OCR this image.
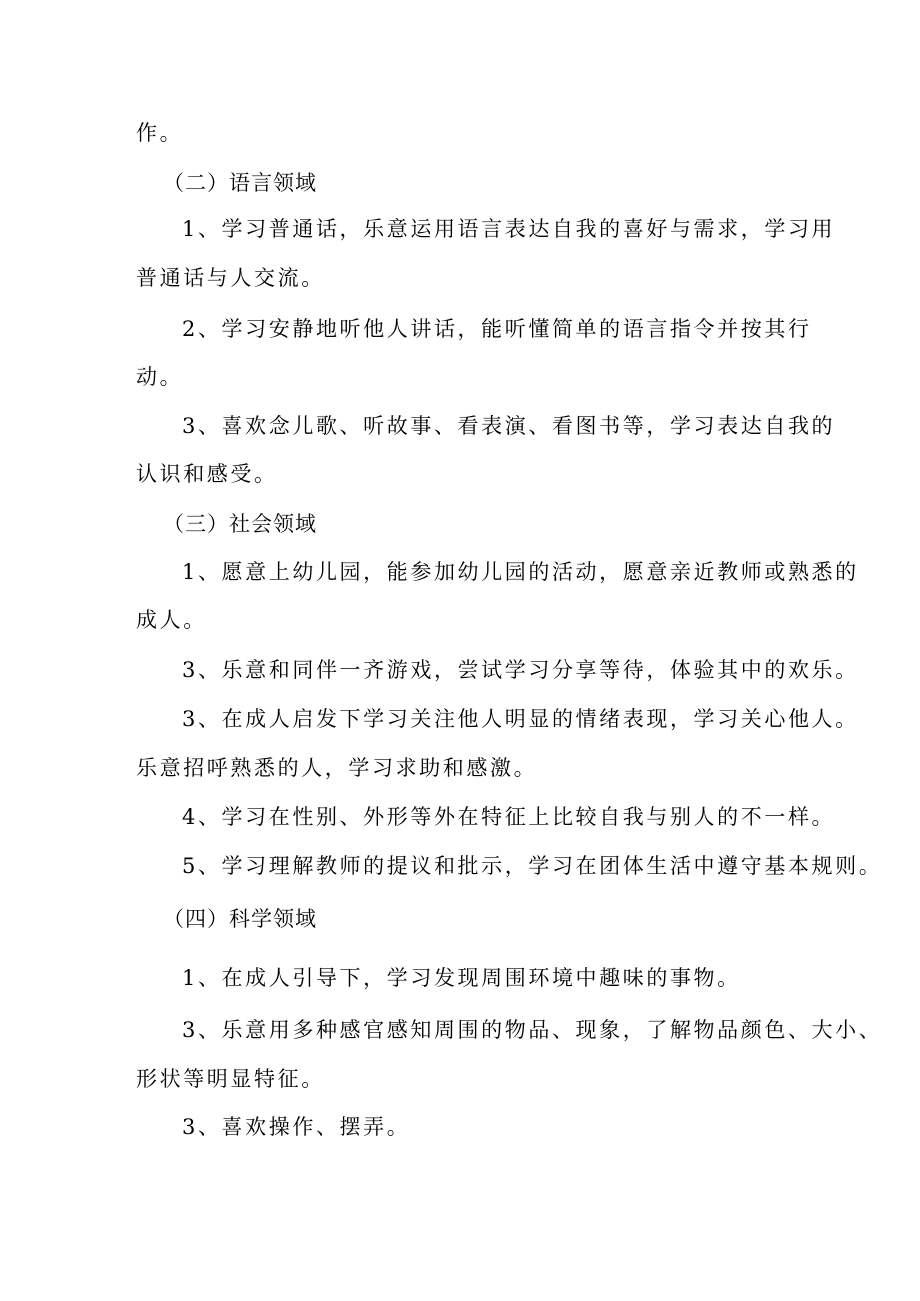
作。
（二）语言领域
1、学习普通话，乐意运用语言表达自我的喜好与需求，学习用
普通话与人交流。
2、学习安静地听他人讲话，能听懂简单的语言指令并按其行
动。
3、喜欢念儿歌、听故事、看表演、看图书等，学习表达自我的
认识和感受。
（三）社会领域
1、愿意上幼儿园，能参加幼儿园的活动，愿意亲近教师或熟悉的
成人。
3、乐意和同伴一齐游戏，尝试学习分享等待，体验其中的欢乐。
3、在成人启发下学习关注他人明显的情绪表现，学习关心他人。
乐意招呼熟悉的人，学习求助和感激。
4、学习在性别、外形等外在特征上比较自我与别人的不一样。
5、学习理解教师的提议和批示，学习在团体生活中遵守基本规则。
（四）科学领域
1、在成人引导下，学习发现周围环境中趣味的事物。
3、乐意用多种感官感知周围的物品、现象，了解物品颜色、大小、
形状等明显特征。
3、喜欢操作、摆弄。
